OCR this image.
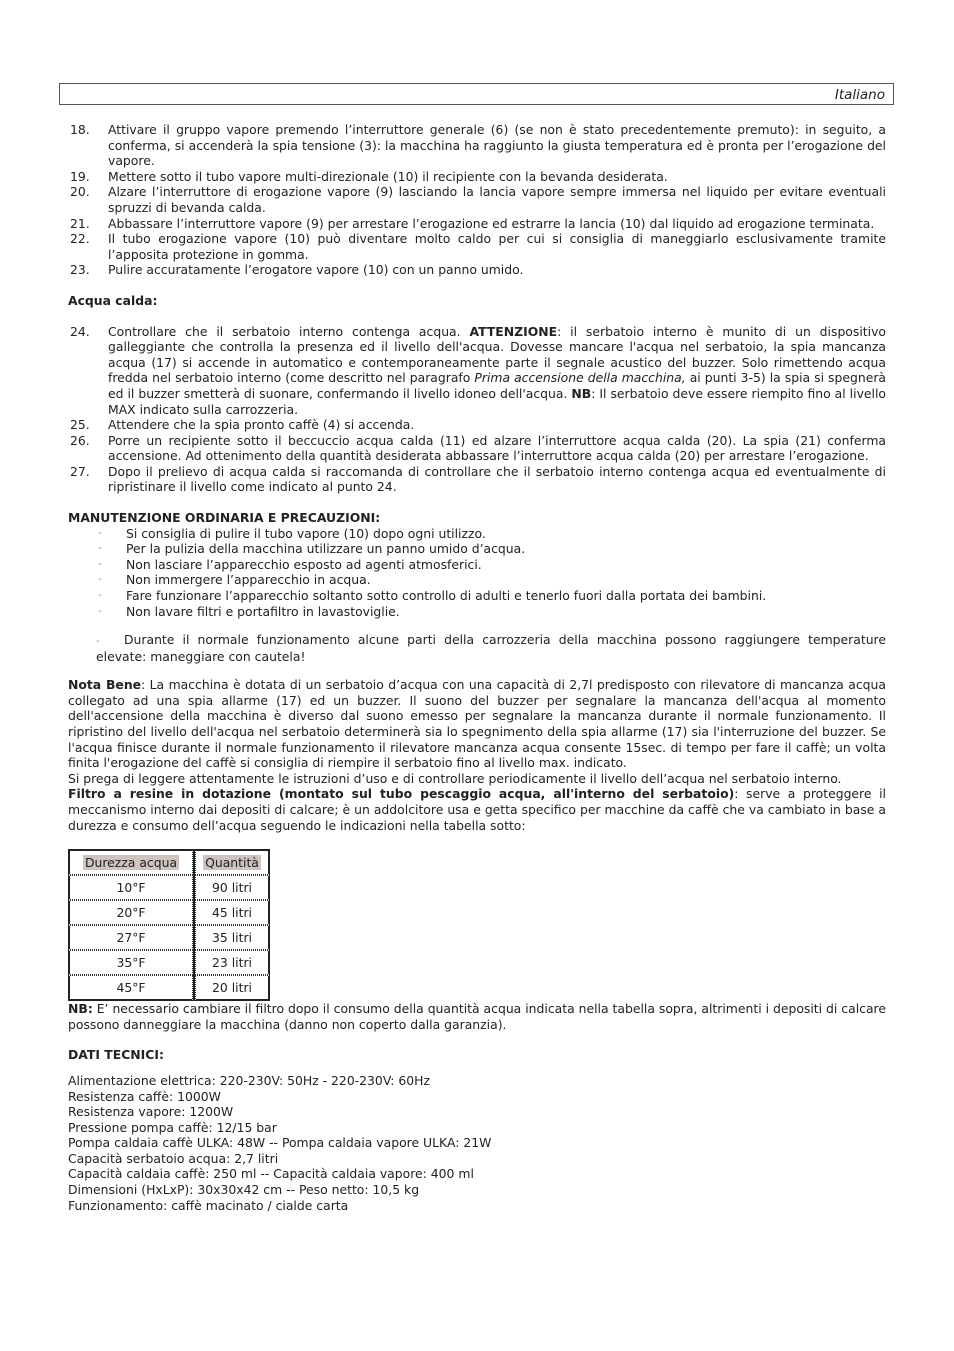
Italiano
18.	Attivare il gruppo vapore premendo l’interruttore generale (6) (se non è stato precedentemente premuto): in seguito, a conferma, si accenderà la spia tensione (3): la macchina ha raggiunto la giusta temperatura ed è pronta per l’erogazione del vapore.
19.	Mettere sotto il tubo vapore multi-direzionale (10) il recipiente con la bevanda desiderata.
20.	Alzare l’interruttore di erogazione vapore (9) lasciando la lancia vapore sempre immersa nel liquido per evitare eventuali spruzzi di bevanda calda.
21.	Abbassare l’interruttore vapore (9) per arrestare l’erogazione ed estrarre la lancia (10) dal liquido ad erogazione terminata.
22.	Il tubo erogazione vapore (10) può diventare molto caldo per cui si consiglia di maneggiarlo esclusivamente tramite l’apposita protezione in gomma.
23.	Pulire accuratamente l’erogatore vapore (10) con un panno umido.

Acqua calda:

24.	Controllare che il serbatoio interno contenga acqua. ATTENZIONE: il serbatoio interno è munito di un dispositivo galleggiante che controlla la presenza ed il livello dell'acqua. Dovesse mancare l'acqua nel serbatoio, la spia mancanza acqua (17) si accende in automatico e contemporaneamente parte il segnale acustico del buzzer. Solo rimettendo acqua fredda nel serbatoio interno (come descritto nel paragrafo Prima accensione della macchina, ai punti 3-5) la spia si spegnerà ed il buzzer smetterà di suonare, confermando il livello idoneo dell'acqua. NB: Il serbatoio deve essere riempito fino al livello MAX indicato sulla carrozzeria.
25.	Attendere che la spia pronto caffè (4) si accenda.
26.	Porre un recipiente sotto il beccuccio acqua calda (11) ed alzare l’interruttore acqua calda (20). La spia (21) conferma accensione. Ad ottenimento della quantità desiderata abbassare l’interruttore acqua calda (20) per arrestare l’erogazione.
27.	Dopo il prelievo di acqua calda si raccomanda di controllare che il serbatoio interno contenga acqua ed eventualmente di ripristinare il livello come indicato al punto 24.

MANUTENZIONE ORDINARIA E PRECAUZIONI:

-	Si consiglia di pulire il tubo vapore (10) dopo ogni utilizzo.
-	Per la pulizia della macchina utilizzare un panno umido d’acqua.
-	Non lasciare l’apparecchio esposto ad agenti atmosferici.
-	Non immergere l’apparecchio in acqua.
-	Fare funzionare l’apparecchio soltanto sotto controllo di adulti e tenerlo fuori dalla portata dei bambini.
-	Non lavare filtri e portafiltro in lavastoviglie.

- Durante il normale funzionamento alcune parti della carrozzeria della macchina possono raggiungere temperature elevate: maneggiare con cautela!

Nota Bene: La macchina è dotata di un serbatoio d’acqua con una capacità di 2,7l predisposto con rilevatore di mancanza acqua collegato ad una spia allarme (17) ed un buzzer. Il suono del buzzer per segnalare la mancanza dell'acqua al momento dell'accensione della macchina è diverso dal suono emesso per segnalare la mancanza durante il normale funzionamento. Il ripristino del livello dell'acqua nel serbatoio determinerà sia lo spegnimento della spia allarme (17) sia l'interruzione del buzzer. Se l'acqua finisce durante il normale funzionamento il rilevatore mancanza acqua consente 15sec. di tempo per fare il caffè; un volta finita l'erogazione del caffè si consiglia di riempire il serbatoio fino al livello max. indicato.

Si prega di leggere attentamente le istruzioni d’uso e di controllare periodicamente il livello dell’acqua nel serbatoio interno.

Filtro a resine in dotazione (montato sul tubo pescaggio acqua, all'interno del serbatoio): serve a proteggere il meccanismo interno dai depositi di calcare; è un addolcitore usa e getta specifico per macchine da caffè che va cambiato in base a durezza e consumo dell’acqua seguendo le indicazioni nella tabella sotto:

Durezza acqua		Quantità
10°F		90 litri
20°F		45 litri
27°F		35 litri
35°F		23 litri
45°F		20 litri

NB: E’ necessario cambiare il filtro dopo il consumo della quantità acqua indicata nella tabella sopra, altrimenti i depositi di calcare possono danneggiare la macchina (danno non coperto dalla garanzia).

DATI TECNICI:

Alimentazione elettrica: 220-230V: 50Hz - 220-230V: 60Hz

Resistenza caffè: 1000W

Resistenza vapore: 1200W

Pressione pompa caffè: 12/15 bar

Pompa caldaia caffè ULKA: 48W -- Pompa caldaia vapore ULKA: 21W

Capacità serbatoio acqua: 2,7 litri

Capacità caldaia caffè: 250 ml -- Capacità caldaia vapore: 400 ml

Dimensioni (HxLxP): 30x30x42 cm -- Peso netto: 10,5 kg

Funzionamento: caffè macinato / cialde carta
